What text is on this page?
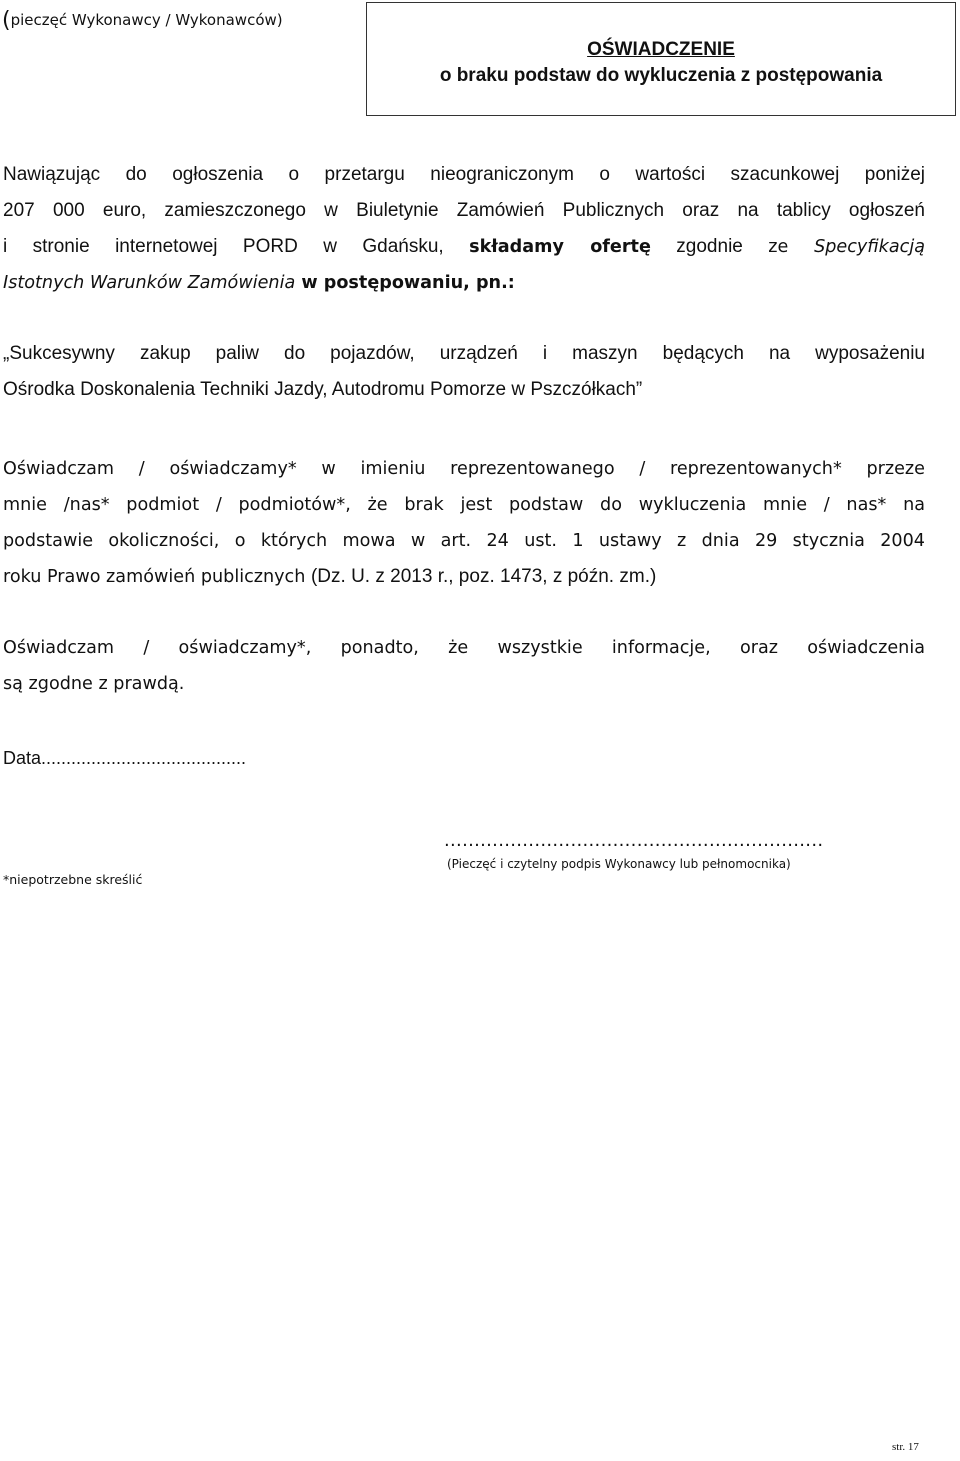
(pieczęć Wykonawcy / Wykonawców)
OŚWIADCZENIE
o braku podstaw do wykluczenia z postępowania
Nawiązując do ogłoszenia o przetargu nieograniczonym o wartości szacunkowej poniżej
207 000 euro, zamieszczonego w Biuletynie Zamówień Publicznych oraz na tablicy ogłoszeń
i stronie internetowej PORD w Gdańsku, składamy ofertę zgodnie ze Specyfikacją
Istotnych Warunków Zamówienia w postępowaniu, pn.:
„Sukcesywny zakup paliw do pojazdów, urządzeń i maszyn będących na wyposażeniu
Ośrodka Doskonalenia Techniki Jazdy, Autodromu Pomorze w Pszczółkach”
Oświadczam / oświadczamy* w imieniu reprezentowanego / reprezentowanych* przeze
mnie /nas* podmiot / podmiotów*, że brak jest podstaw do wykluczenia mnie / nas* na
podstawie okoliczności, o których mowa w art. 24 ust. 1 ustawy z dnia 29 stycznia 2004
roku Prawo zamówień publicznych (Dz. U. z 2013 r., poz. 1473, z późn. zm.)
Oświadczam / oświadczamy*, ponadto, że wszystkie informacje, oraz oświadczenia
są zgodne z prawdą.
Data.........................................
...............................................................
(Pieczęć i czytelny podpis Wykonawcy lub pełnomocnika)
*niepotrzebne skreślić
str. 17
